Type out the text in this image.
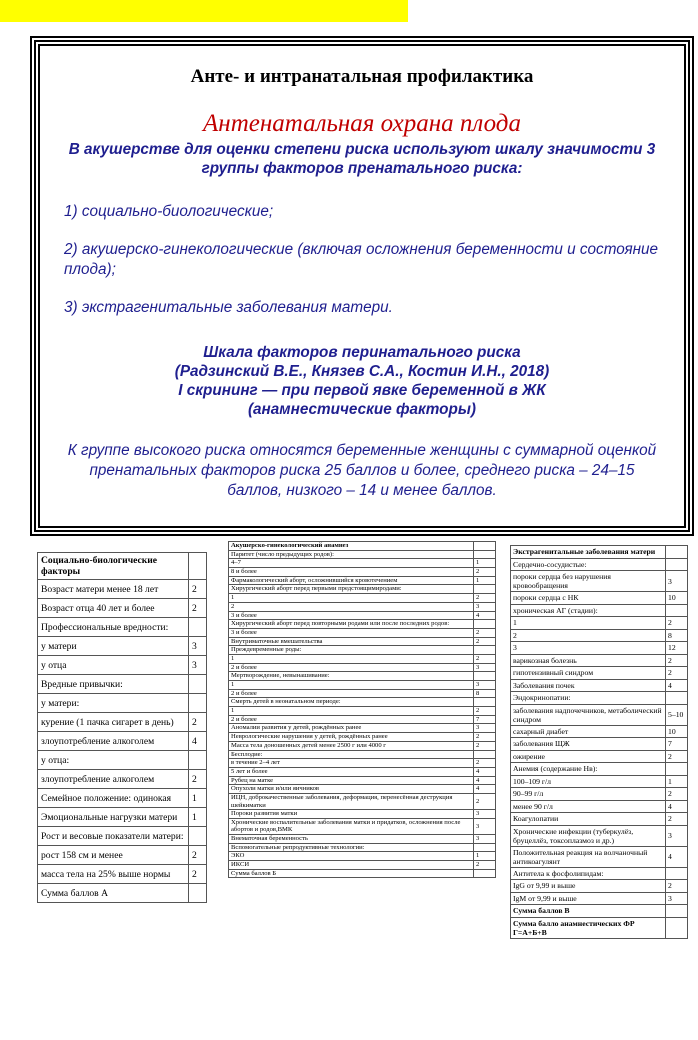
Анте- и интранатальная профилактика
Антенатальная охрана плода
В акушерстве для оценки степени риска используют шкалу значимости 3 группы факторов пренатального риска:
1) социально-биологические;
2) акушерско-гинекологические (включая осложнения беременности и состояние плода);
3) экстрагенитальные заболевания матери.
Шкала факторов перинатального риска
(Радзинский В.Е., Князев С.А., Костин И.Н., 2018)
I скрининг — при первой явке беременной в ЖК
(анамнестические факторы)
К группе высокого риска относятся беременные женщины с суммарной оценкой пренатальных факторов риска 25 баллов и более, среднего риска – 24–15 баллов, низкого – 14 и менее баллов.
Социально-биологические факторы	
Возраст матери менее 18 лет	2
Возраст отца 40 лет и более	2
Профессиональные вредности:	
у матери	3
у отца	3
Вредные привычки:	
у матери:	
курение (1 пачка сигарет в день)	2
злоупотребление алкоголем	4
у отца:	
злоупотребление алкоголем	2
Семейное положение: одинокая	1
Эмоциональные нагрузки матери	1
Рост и весовые показатели матери:	
рост 158 см и менее	2
масса тела на 25% выше нормы	2
Сумма баллов А	
Акушерско-гинекологический анамнез	
Паритет (число предыдущих родов):	
4–7	1
8 и более	2
Фармакологический аборт, осложнившийся кровотечением	1
Хирургический аборт перед первыми предстоящимиродами:	
1	2
2	3
3 и более	4
Хирургический аборт перед повторными родами или после последних родов:	
3 и более	2
Внутриматочные вмешательства	2
Преждевременные роды:	
1	2
2 и более	3
Мертворождение, невынашивание:	
1	3
2 и более	8
Смерть детей в неонатальном периоде:	
1	2
2 и более	7
Аномалии развития у детей, рождённых ранее	3
Неврологические нарушения у детей, рождённых ранее	2
Масса тела доношенных детей менее 2500 г или 4000 г	2
Бесплодие:	
в течение 2–4 лет	2
5 лет и более	4
Рубец на матке	4
Опухоли матки и/или яичников	4
ИЦН, доброкачественные заболевания, деформация, перенесённая деструкция шейкиматки	2
Пороки развития матки	3
Хронические воспалительные заболевания матки и придатков, осложнения после абортов и родов,ВМК	3
Внематочная беременность	3
Вспомогательные репродуктивные технологии:	
ЭКО	1
ИКСИ	2
Сумма баллов Б	
Экстрагенитальные заболевания матери	
Сердечно-сосудистые:	
пороки сердца без нарушения кровообращения	3
пороки сердца с НК	10
хроническая АГ (стадии):	
1	2
2	8
3	12
варикозная болезнь	2
гипотензивный синдром	2
Заболевания почек	4
Эндокринопатии:	
заболевания надпочечников, метаболический синдром	5–10
сахарный диабет	10
заболевания ЩЖ	7
ожирение	2
Анемия (содержание Hв):	
100–109 г/л	1
90–99 г/л	2
менее 90 г/л	4
Коагулопатии	2
Хронические инфекции (туберкулёз, бруцеллёз, токсоплазмоз и др.)	3
Положительная реакция на волчаночный антикоагулянт	4
Антитела к фосфолипидам:	
IgG от 9,99 и выше	2
IgM от 9,99 и выше	3
Сумма баллов В	
Сумма балло анамнестических ФР Г=А+Б+В	
